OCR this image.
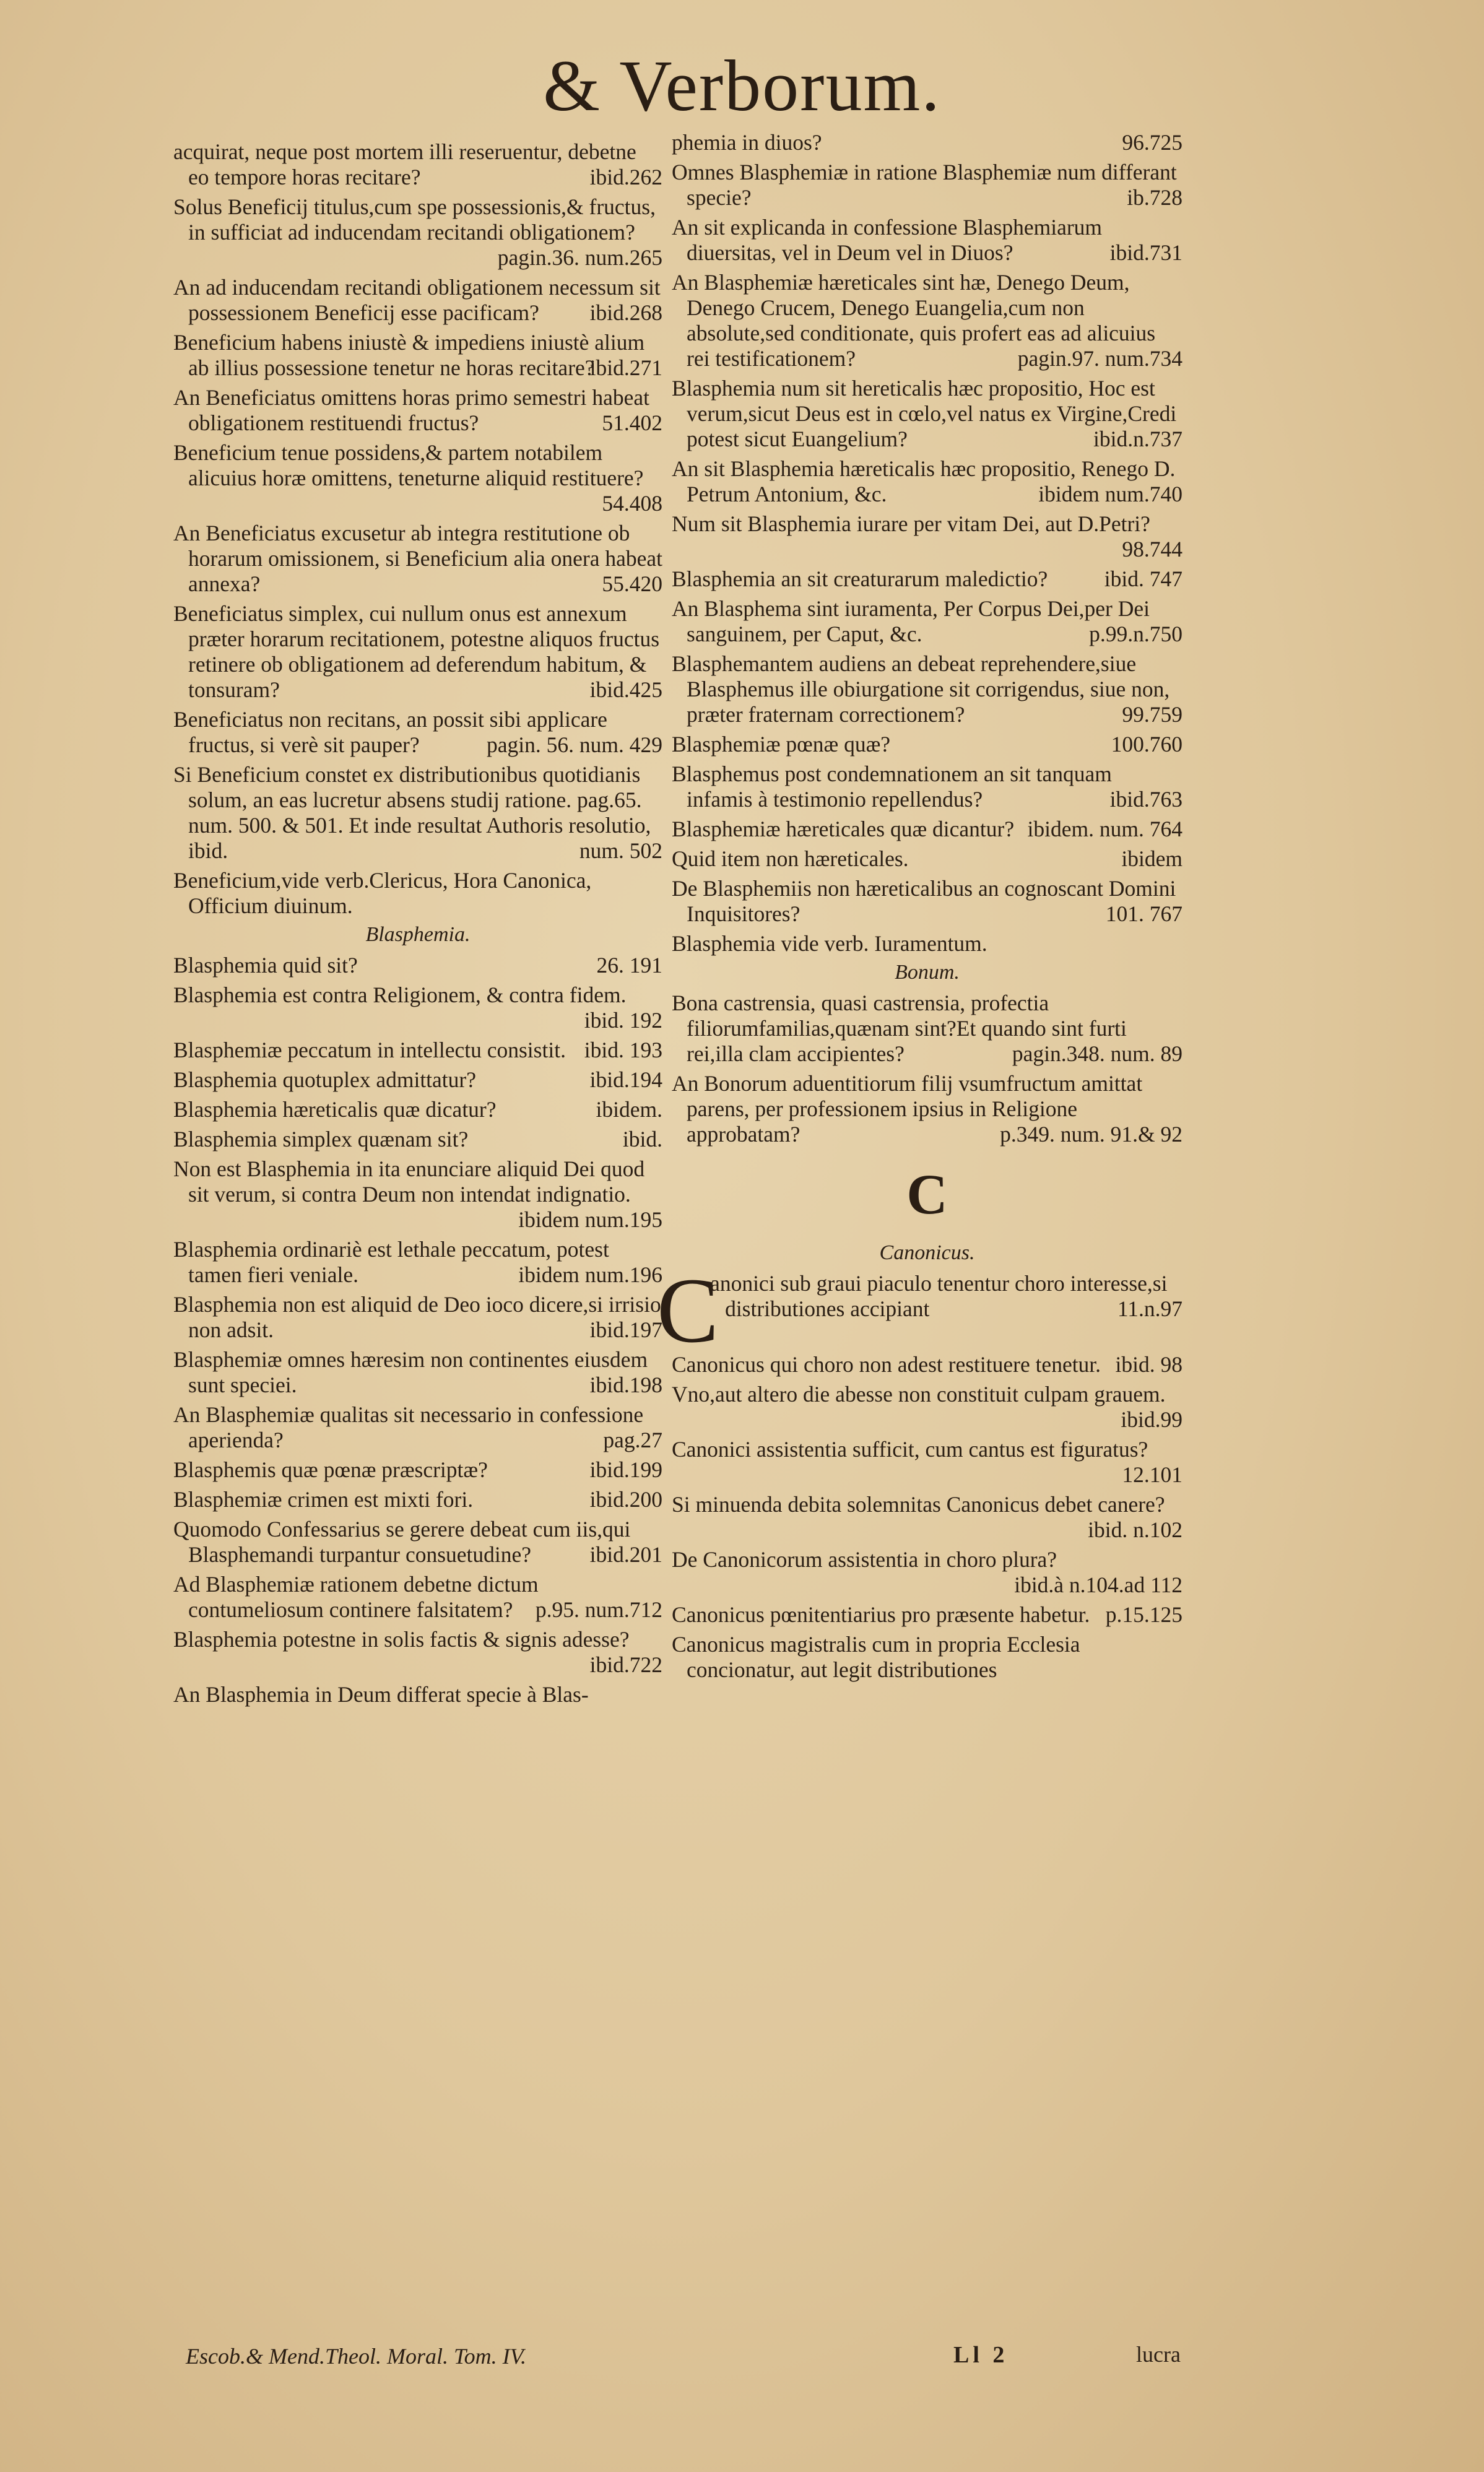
& Verborum.
acquirat, neque post mortem illi reseruentur, debetne eo tempore horas recitare?	ibid.262
Solus Beneficij titulus,cum spe possessionis,& fructus, in sufficiat ad inducendam recitandi obligationem?
pagin.36. num.265
An ad inducendam recitandi obligationem necessum sit possessionem Beneficij esse pacificam? ibid.268
Beneficium habens iniustè & impediens iniustè alium ab illius possessione tenetur ne horas recitare?
ibid.271
An Beneficiatus omittens horas primo semestri habeat obligationem restituendi fructus?	51.402
Beneficium tenue possidens,& partem notabilem alicuius horæ omittens, teneturne aliquid restituere?
54.408
An Beneficiatus excusetur ab integra restitutione ob horarum omissionem, si Beneficium alia onera habeat annexa?	55.420
Beneficiatus simplex, cui nullum onus est annexum præter horarum recitationem, potestne aliquos fructus retinere ob obligationem ad deferendum habitum, & tonsuram?	ibid.425
Beneficiatus non recitans, an possit sibi applicare fructus, si verè sit pauper?	pagin. 56. num. 429
Si Beneficium constet ex distributionibus quotidianis solum, an eas lucretur absens studij ratione. pag.65. num. 500. & 501. Et inde resultat Authoris resolutio, ibid.	num. 502
Beneficium,vide verb.Clericus, Hora Canonica, Officium diuinum.
Blasphemia.
Blasphemia quid sit?	26. 191
Blasphemia est contra Religionem, & contra fidem.
ibid. 192
Blasphemiæ peccatum in intellectu consistit. ibid. 193
Blasphemia quotuplex admittatur?	ibid.194
Blasphemia hæreticalis quæ dicatur?	ibidem.
Blasphemia simplex quænam sit?	ibid.
Non est Blasphemia in ita enunciare aliquid Dei quod sit verum, si contra Deum non intendat indignatio.
ibidem num.195
Blasphemia ordinariè est lethale peccatum, potest tamen fieri veniale.	ibidem num.196
Blasphemia non est aliquid de Deo ioco dicere,si irrisio non adsit.	ibid.197
Blasphemiæ omnes hæresim non continentes eiusdem sunt speciei.	ibid.198
An Blasphemiæ qualitas sit necessario in confessione aperienda?	pag.27
Blasphemis quæ pœnæ præscriptæ?	ibid.199
Blasphemiæ crimen est mixti fori.	ibid.200
Quomodo Confessarius se gerere debeat cum iis,qui Blasphemandi turpantur consuetudine?	ibid.201
Ad Blasphemiæ rationem debetne dictum contumeliosum continere falsitatem? p.95. num.712
Blasphemia potestne in solis factis & signis adesse?
ibid.722
An Blasphemia in Deum differat specie à Blas-
phemia in diuos?	96.725
Omnes Blasphemiæ in ratione Blasphemiæ num differant specie?	ib.728
An sit explicanda in confessione Blasphemiarum diuersitas, vel in Deum vel in Diuos?	ibid.731
An Blasphemiæ hæreticales sint hæ, Denego Deum, Denego Crucem, Denego Euangelia,cum non absolute,sed conditionate, quis profert eas ad alicuius rei testificationem?	pagin.97. num.734
Blasphemia num sit hereticalis hæc propositio, Hoc est verum,sicut Deus est in cœlo,vel natus ex Virgine,Credi potest sicut Euangelium?	ibid.n.737
An sit Blasphemia hæreticalis hæc propositio, Renego D. Petrum Antonium, &c.	ibidem num.740
Num sit Blasphemia iurare per vitam Dei, aut D.Petri?
98.744
Blasphemia an sit creaturarum maledictio?	ibid. 747
An Blasphema sint iuramenta, Per Corpus Dei,per Dei sanguinem, per Caput, &c.	p.99.n.750
Blasphemantem audiens an debeat reprehendere,siue Blasphemus ille obiurgatione sit corrigendus, siue non, præter fraternam correctionem?	99.759
Blasphemiæ pœnæ quæ?	100.760
Blasphemus post condemnationem an sit tanquam infamis à testimonio repellendus?	ibid.763
Blasphemiæ hæreticales quæ dicantur? ibidem. num. 764
Quid item non hæreticales.	ibidem
De Blasphemiis non hæreticalibus an cognoscant Domini Inquisitores?	101. 767
Blasphemia vide verb. Iuramentum.
Bonum.
Bona castrensia, quasi castrensia, profectia filiorumfamilias,quænam sint?Et quando sint furti rei,illa clam accipientes?	pagin.348. num. 89
An Bonorum aduentitiorum filij vsumfructum amittat parens, per professionem ipsius in Religione approbatam?	p.349. num. 91.& 92
C
Canonicus.
Canonici sub graui piaculo tenentur choro interesse,si distributiones accipiant	11.n.97
Canonicus qui choro non adest restituere tenetur. ibid. 98
Vno,aut altero die abesse non constituit culpam grauem.
ibid.99
Canonici assistentia sufficit, cum cantus est figuratus?
12.101
Si minuenda debita solemnitas Canonicus debet canere?
ibid. n.102
De Canonicorum assistentia in choro plura?
ibid.à n.104.ad 112
Canonicus pœnitentiarius pro præsente habetur. p.15.125
Canonicus magistralis cum in propria Ecclesia concionatur, aut legit distributiones
Escob.& Mend.Theol. Moral. Tom. IV.	Ll 2	lucra
